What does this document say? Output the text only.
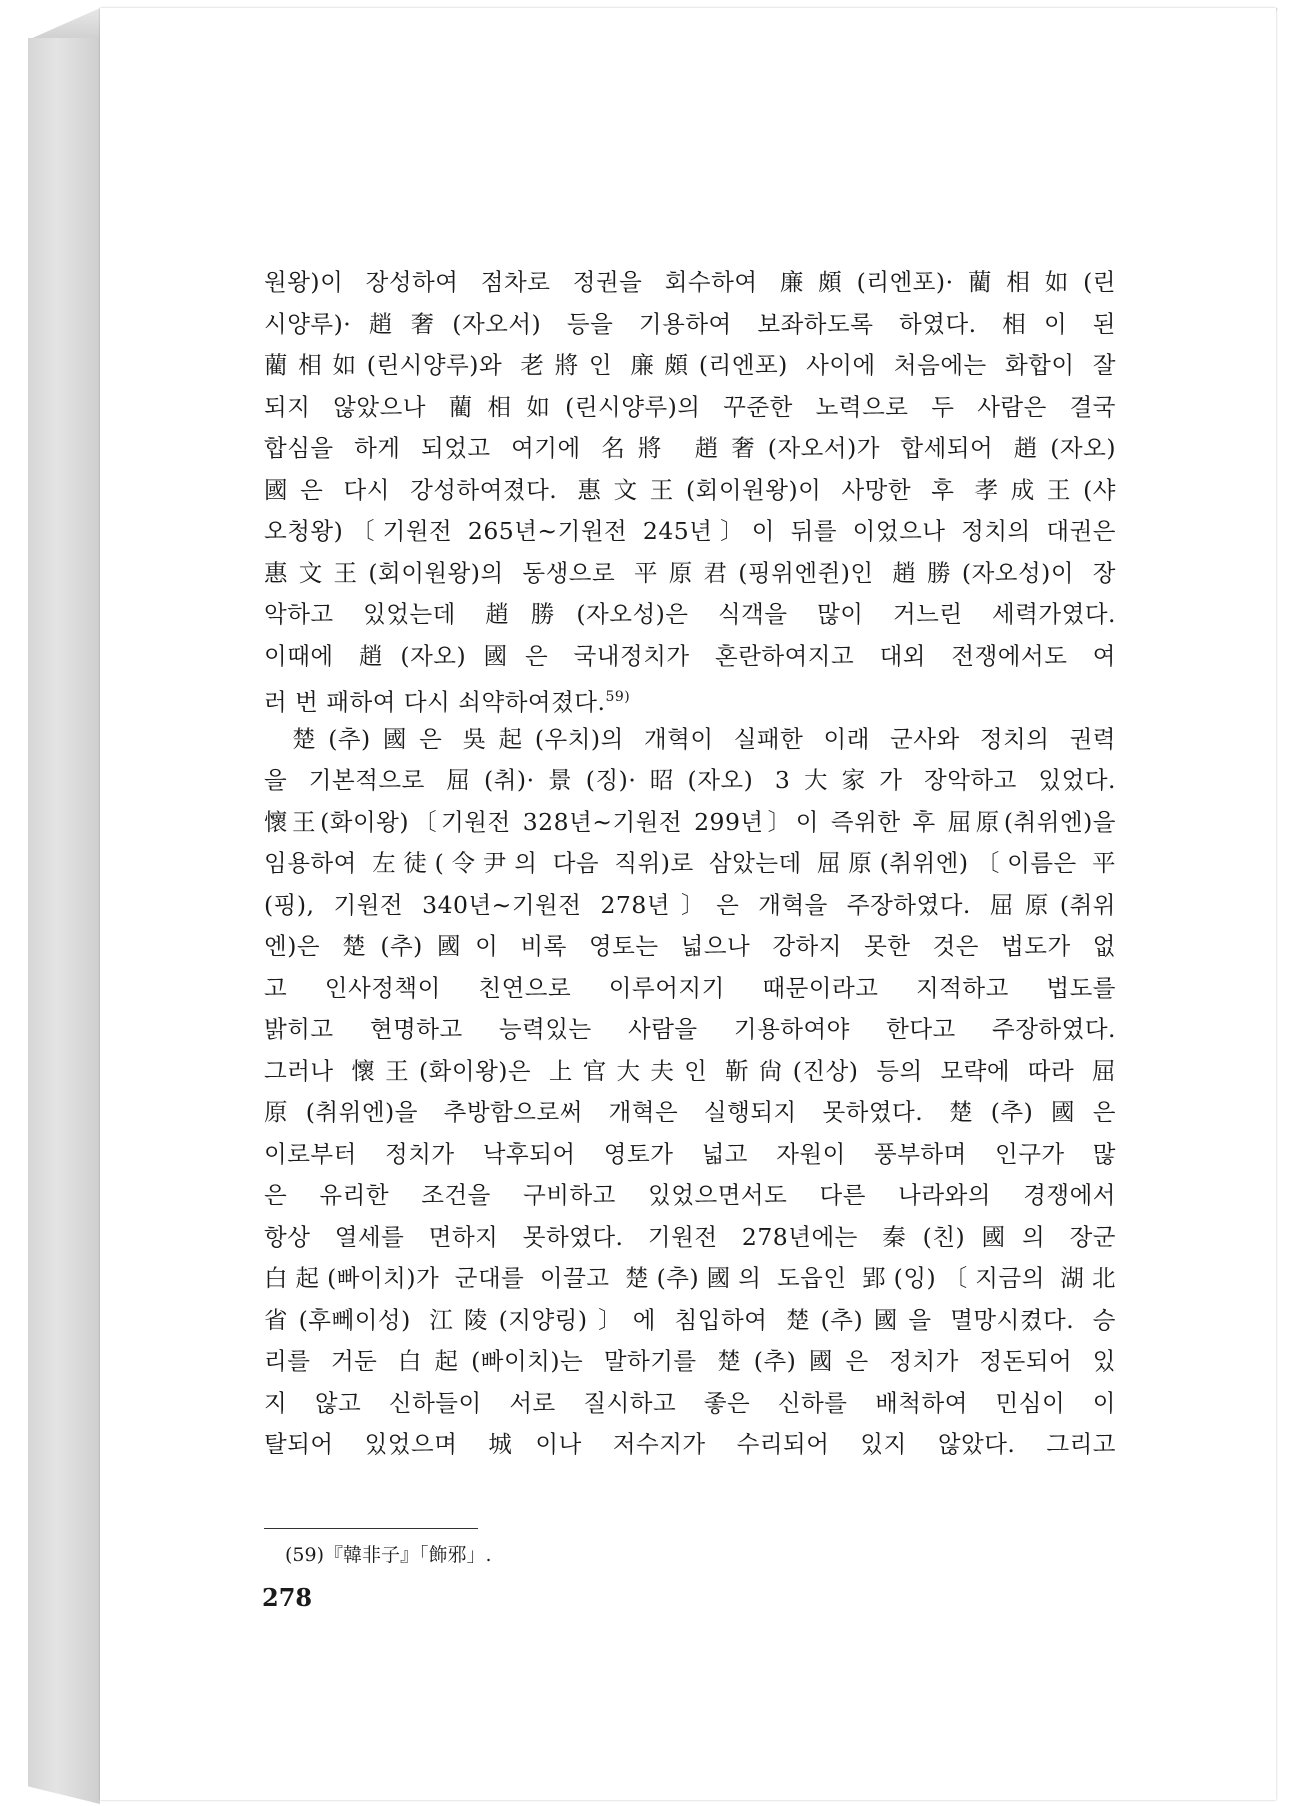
원왕)이 장성하여 점차로 정권을 회수하여 廉頗(리엔포)·藺相如(린
시양루)·趙奢(자오서) 등을 기용하여 보좌하도록 하였다. 相이 된
藺相如(린시양루)와 老將인 廉頗(리엔포) 사이에 처음에는 화합이 잘
되지 않았으나 藺相如(린시양루)의 꾸준한 노력으로 두 사람은 결국
합심을 하게 되었고 여기에 名將 趙奢(자오서)가 합세되어 趙(자오)
國은 다시 강성하여졌다. 惠文王(회이원왕)이 사망한 후 孝成王(샤
오청왕)〔기원전 265년∼기원전 245년〕이 뒤를 이었으나 정치의 대권은
惠文王(회이원왕)의 동생으로 平原君(핑위엔쥔)인 趙勝(자오성)이 장
악하고 있었는데 趙勝(자오성)은 식객을 많이 거느린 세력가였다.
이때에 趙(자오)國은 국내정치가 혼란하여지고 대외 전쟁에서도 여
러 번 패하여 다시 쇠약하여졌다.$^{59)}$
楚(추)國은 吳起(우치)의 개혁이 실패한 이래 군사와 정치의 권력
을 기본적으로 屈(취)·景(징)·昭(자오) 3大家가 장악하고 있었다.
懷王(화이왕)〔기원전 328년∼기원전 299년〕이 즉위한 후 屈原(취위엔)을
임용하여 左徒(令尹의 다음 직위)로 삼았는데 屈原(취위엔)〔이름은 平
(핑), 기원전 340년∼기원전 278년〕은 개혁을 주장하였다. 屈原(취위
엔)은 楚(추)國이 비록 영토는 넓으나 강하지 못한 것은 법도가 없
고 인사정책이 친연으로 이루어지기 때문이라고 지적하고 법도를
밝히고 현명하고 능력있는 사람을 기용하여야 한다고 주장하였다.
그러나 懷王(화이왕)은 上官大夫인 靳尙(진상) 등의 모략에 따라 屈
原(취위엔)을 추방함으로써 개혁은 실행되지 못하였다. 楚(추)國은
이로부터 정치가 낙후되어 영토가 넓고 자원이 풍부하며 인구가 많
은 유리한 조건을 구비하고 있었으면서도 다른 나라와의 경쟁에서
항상 열세를 면하지 못하였다. 기원전 278년에는 秦(친)國의 장군
白起(빠이치)가 군대를 이끌고 楚(추)國의 도읍인 郢(잉)〔지금의 湖北
省(후뻬이성) 江陵(지양링)〕에 침입하여 楚(추)國을 멸망시켰다. 승
리를 거둔 白起(빠이치)는 말하기를 楚(추)國은 정치가 정돈되어 있
지 않고 신하들이 서로 질시하고 좋은 신하를 배척하여 민심이 이
탈되어 있었으며 城이나 저수지가 수리되어 있지 않았다. 그리고
(59)『韓非子』「飾邪」.
278
